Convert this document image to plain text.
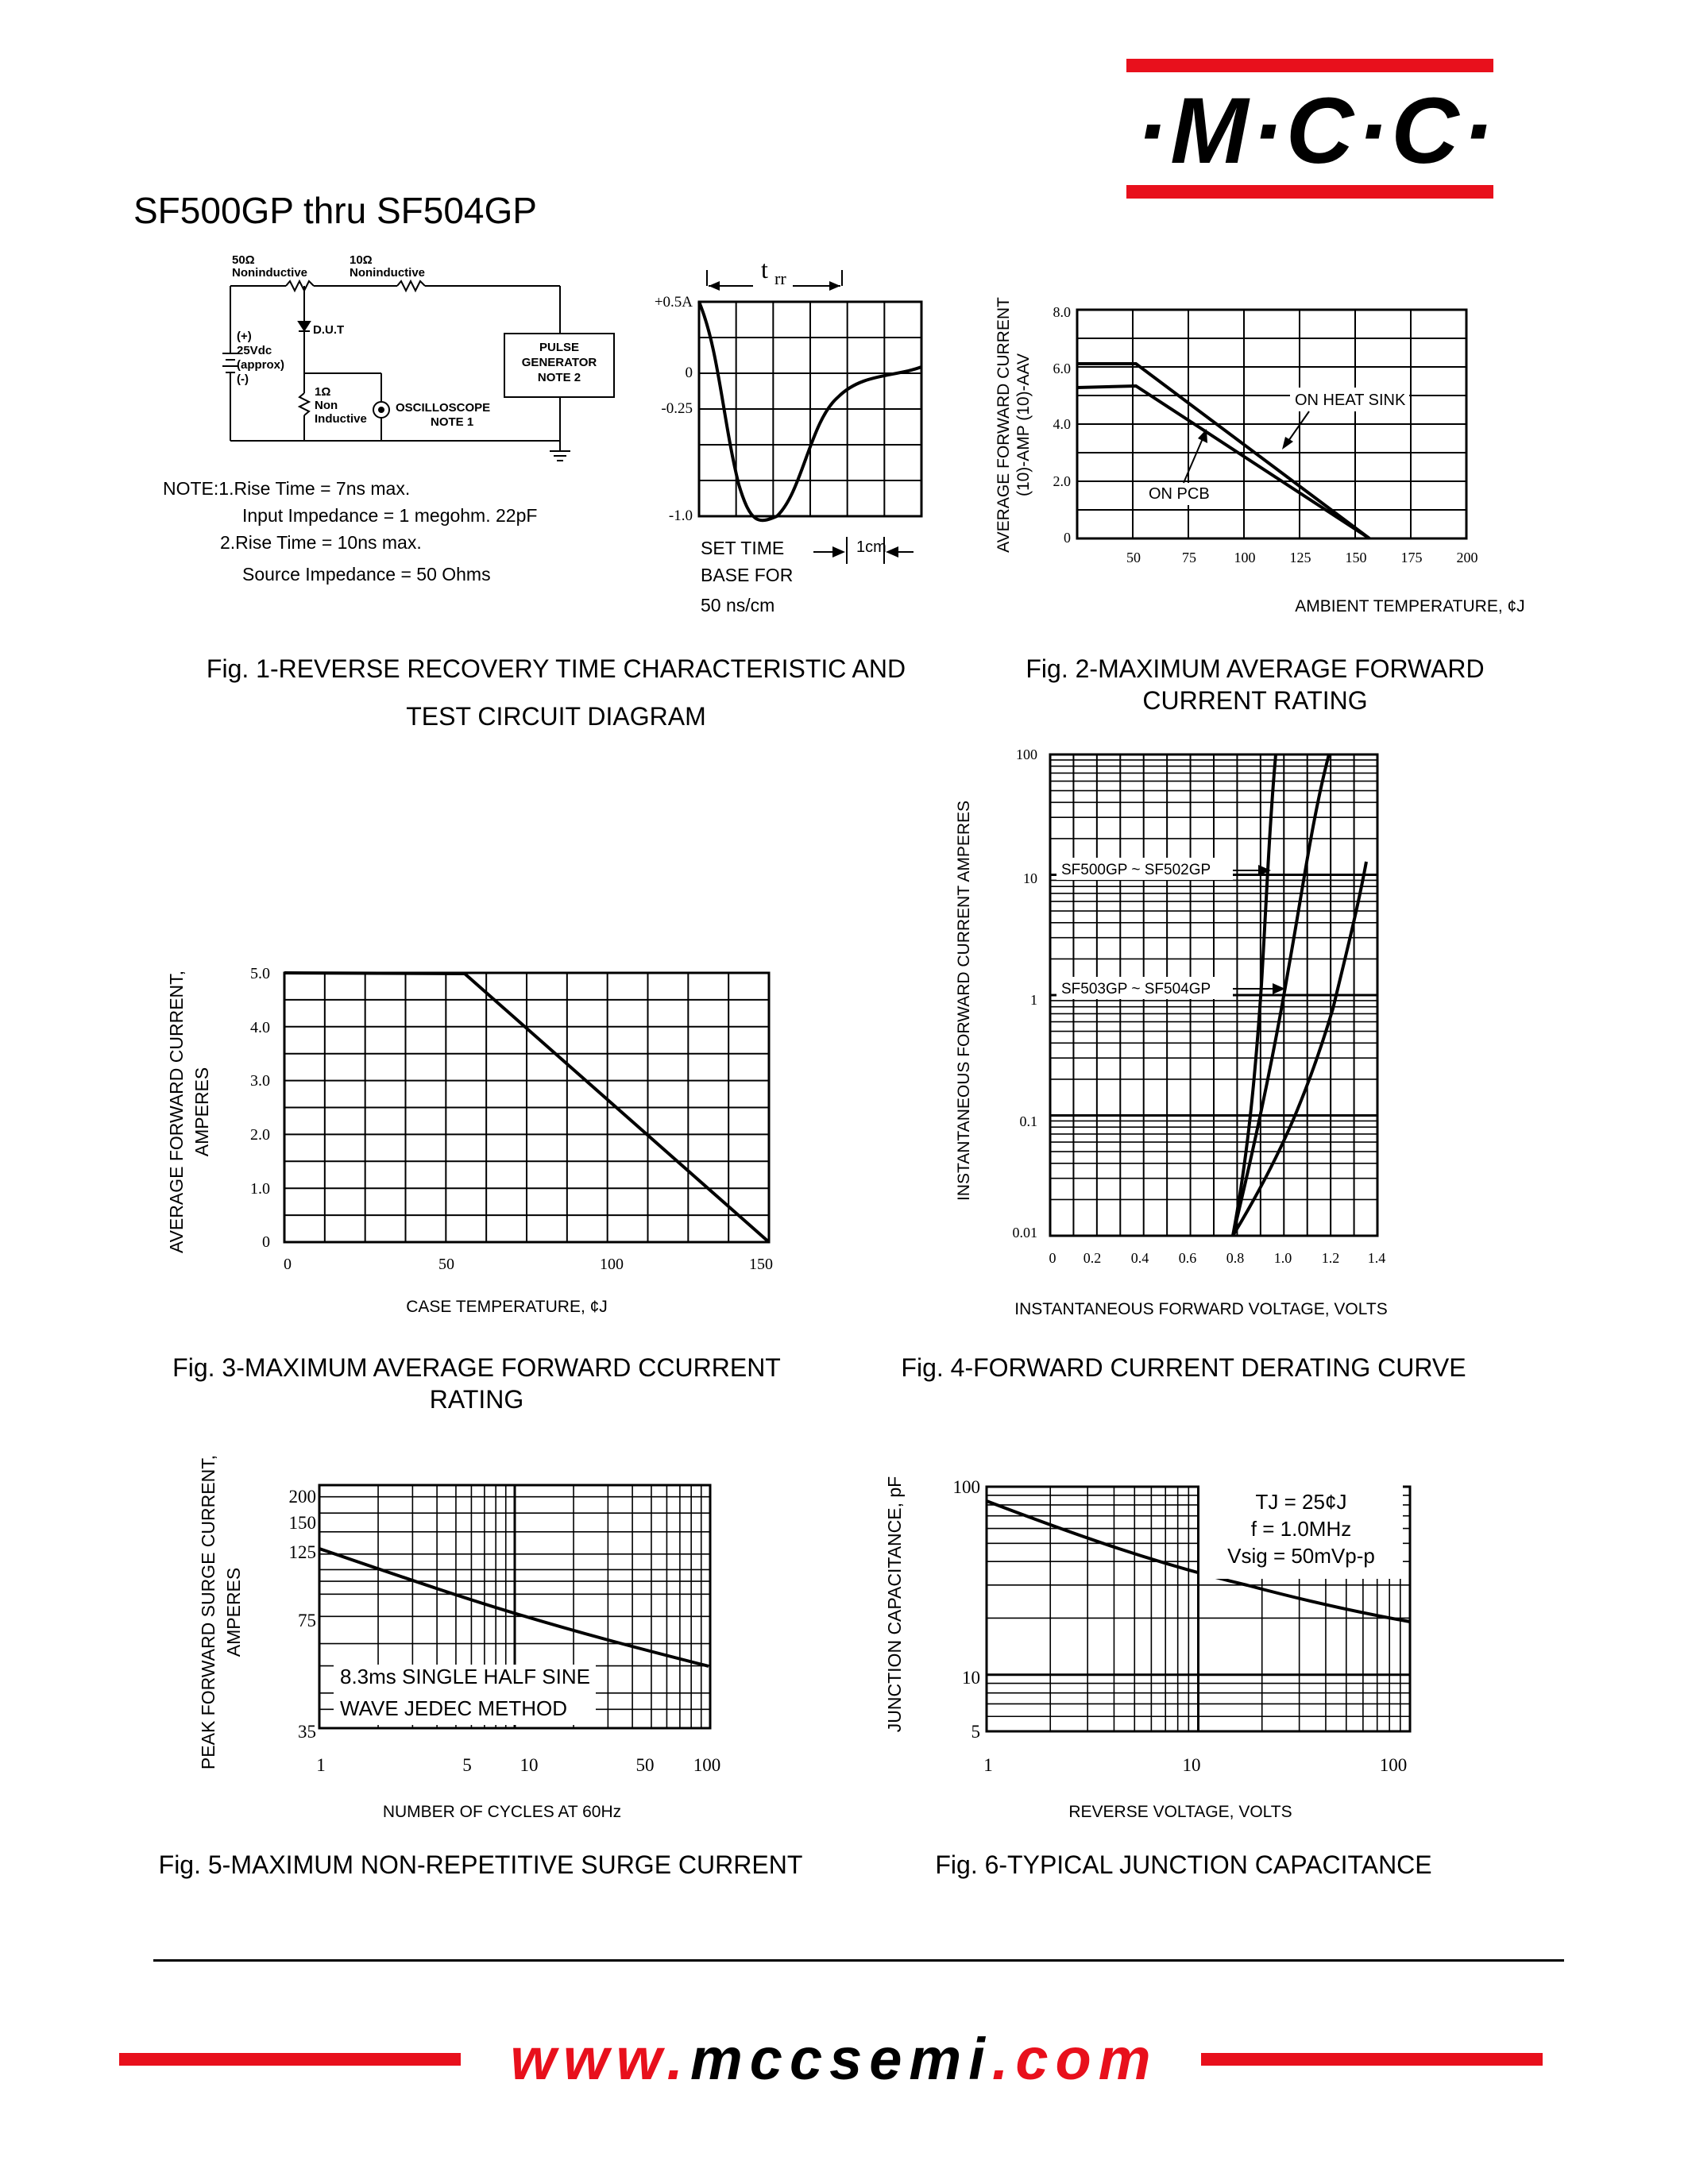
·M·C·C·
SF500GP thru SF504GP
50Ω
Noninductive
10Ω
Noninductive
D.U.T
(+)
25Vdc
(approx)
(-)
PULSE
GENERATOR
NOTE 2
1Ω
Non
Inductive
OSCILLOSCOPE
NOTE 1
NOTE:1.Rise Time = 7ns max.
Input Impedance = 1 megohm. 22pF
2.Rise Time = 10ns max.
Source Impedance = 50 Ohms
t rr
+0.5A
0
-0.25
-1.0
SET TIME
BASE FOR
50 ns/cm
1cm
Fig. 1-REVERSE RECOVERY TIME CHARACTERISTIC AND
TEST CIRCUIT DIAGRAM
8.0
6.0
4.0
2.0
0
50	75	100 125 150 175 200
ON HEAT SINK
ON PCB
AMBIENT TEMPERATURE, ¢J
AVERAGE FORWARD CURRENT (10)-AMP (10)-AAV
Fig. 2-MAXIMUM AVERAGE FORWARD
CURRENT RATING
5.0
4.0
3.0
2.0
1.0
0
0	50	100	150
CASE TEMPERATURE, ¢J
AVERAGE FORWARD CURRENT, AMPERES
Fig. 3-MAXIMUM AVERAGE FORWARD CCURRENT
RATING
100
10
1
0.1
0.01
0 0.2 0.4 0.6 0.8 1.0 1.2 1.4
SF500GP ~ SF502GP
SF503GP ~ SF504GP
INSTANTANEOUS FORWARD VOLTAGE, VOLTS
INSTANTANEOUS FORWARD CURRENT AMPERES
Fig. 4-FORWARD CURRENT DERATING CURVE
8.3ms SINGLE HALF SINE
WAVE JEDEC METHOD
200
150
125
75
35
1	5	10	50 100
NUMBER OF CYCLES AT 60Hz
PEAK FORWARD SURGE CURRENT, AMPERES
Fig. 5-MAXIMUM NON-REPETITIVE SURGE CURRENT
TJ = 25¢J
f = 1.0MHz
Vsig = 50mVp-p
100
10
5
1	10	100
REVERSE VOLTAGE, VOLTS
JUNCTION CAPACITANCE, pF
Fig. 6-TYPICAL JUNCTION CAPACITANCE
www.mccsemi.com
